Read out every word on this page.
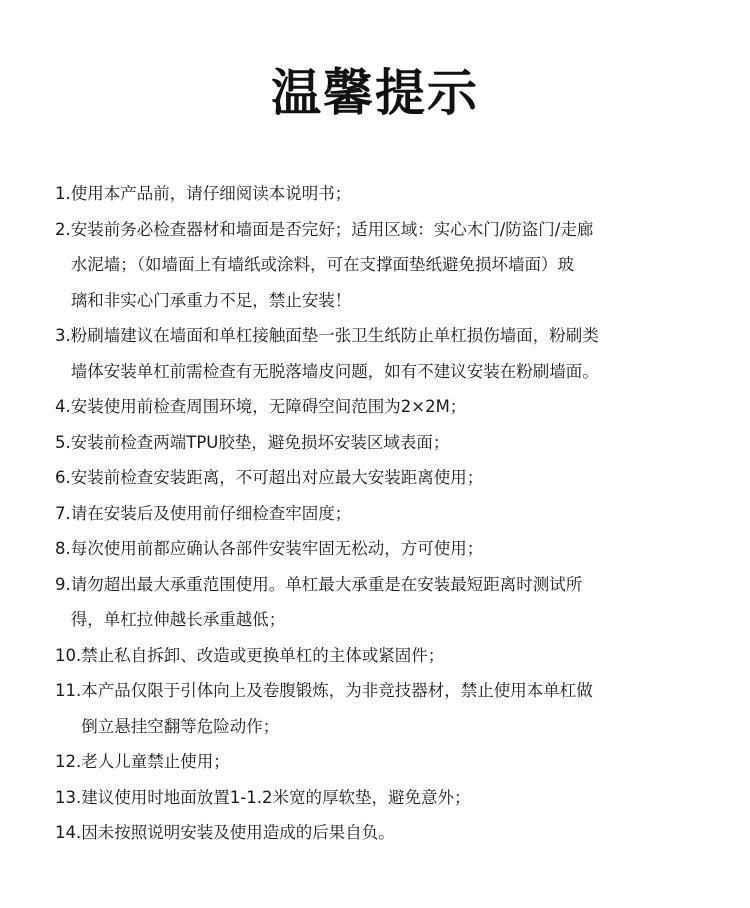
温馨提示
1. 使用本产品前，请仔细阅读本说明书；
2. 安装前务必检查器材和墙面是否完好；适用区域：实心木门/防盗门/走廊
水泥墙；（如墙面上有墙纸或涂料，可在支撑面垫纸避免损坏墙面）玻
璃和非实心门承重力不足，禁止安装！
3. 粉刷墙建议在墙面和单杠接触面垫一张卫生纸防止单杠损伤墙面，粉刷类
墙体安装单杠前需检查有无脱落墙皮问题，如有不建议安装在粉刷墙面。
4. 安装使用前检查周围环境，无障碍空间范围为2×2M；
5. 安装前检查两端TPU胶垫，避免损坏安装区域表面；
6. 安装前检查安装距离，不可超出对应最大安装距离使用；
7. 请在安装后及使用前仔细检查牢固度；
8. 每次使用前都应确认各部件安装牢固无松动，方可使用；
9. 请勿超出最大承重范围使用。单杠最大承重是在安装最短距离时测试所
得，单杠拉伸越长承重越低；
10. 禁止私自拆卸、改造或更换单杠的主体或紧固件；
11. 本产品仅限于引体向上及卷腹锻炼，为非竞技器材，禁止使用本单杠做
倒立悬挂空翻等危险动作；
12. 老人儿童禁止使用；
13. 建议使用时地面放置1-1.2米宽的厚软垫，避免意外；
14. 因未按照说明安装及使用造成的后果自负。
